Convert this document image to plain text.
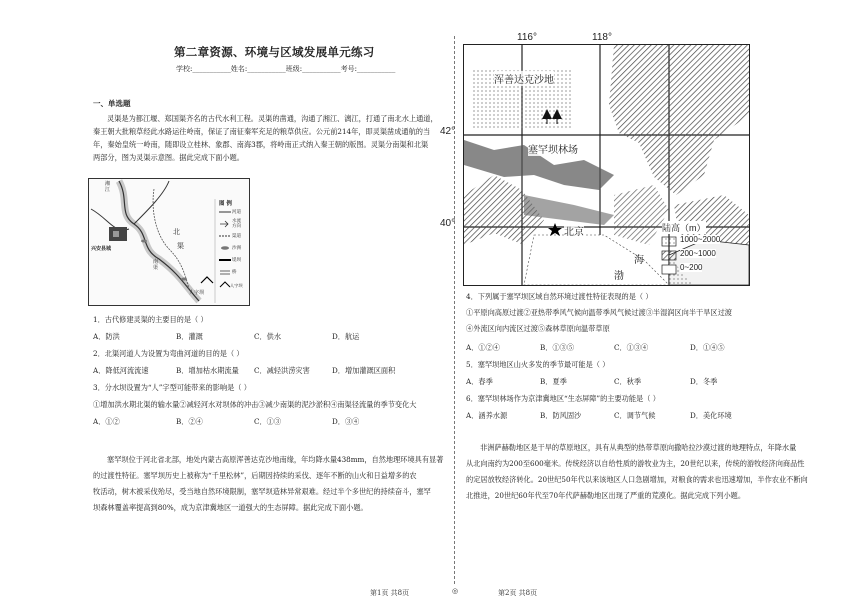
第二章资源、环境与区域发展单元练习
学校:___________姓名:___________班级:___________考号:___________
一、单选题
灵渠是为都江堰、郑国渠齐名的古代水利工程。灵渠的凿通，沟通了湘江、漓江，打通了南北水上通道，
秦王朝大批粮草经此水路运往岭南，保证了南征秦军充足的粮草供应。公元前214年，即灵渠凿成通航的当
年，秦始皇统一岭南，随即设立桂林、象郡、南海3郡，将岭南正式纳入秦王朝的版图。灵渠分南渠和北渠
两部分，图为灵渠示意图。据此完成下面小题。
湘江
北
渠
南渠
兴安县城
人字坝
图 例
河道
水流方向
渠道
沙洲
堤坝
桥
人字坝
1．古代修建灵渠的主要目的是（ ）
A．防洪	B．灌溉	C．供水	D．航运
2．北渠河道人为设置为弯曲河道的目的是（ ）
A．降低河流流速	B．增加枯水期流量 C．减轻洪涝灾害	D．增加灌溉区面积
3．分水坝设置为“人”字型可能带来的影响是（ ）
①增加洪水期北渠的输水量②减轻河水对坝体的冲击③减少南渠的泥沙淤积④南渠径流量的季节变化大
A．①②	B．②④	C．①③	D．③④
塞罕坝位于河北省北部，地处内蒙古高原浑善达克沙地南缘，年均降水量438mm，自然地理环境具有显著
的过渡性特征。塞罕坝历史上被称为“千里松林”，后期因持续的采伐、逐年不断的山火和日益增多的农
牧活动，树木被采伐殆尽，受当地自然环境限制，塞罕坝造林异常艰难。经过半个多世纪的持续奋斗，塞罕
坝森林覆盖率提高到80%，成为京津冀地区一道强大的生态屏障。据此完成下面小题。
116°	118°
42°
40°
浑善达克沙地
塞罕坝林场
北京
海
渤
陆高（m）
1000~2000
200~1000
0~200
4．下列属于塞罕坝区域自然环境过渡性特征表现的是（ ）
①平原向高原过渡②亚热带季风气候向温带季风气候过渡③半湿润区向半干旱区过渡
④外流区向内流区过渡⑤森林草原向温带草原
A．①②④	B．①③⑤	C．①③④	D．①④⑤
5．塞罕坝地区山火多发的季节最可能是（ ）
A．春季	B．夏季	C．秋季	D．冬季
6．塞罕坝林场作为京津冀地区“生态屏障”的主要功能是（ ）
A．涵养水源	B．防风固沙	C．调节气候	D．美化环境
非洲萨赫勒地区是干旱的草原地区，具有从典型的热带草原向撒哈拉沙漠过渡的地理特点，年降水量
从北向南约为200至600毫米。传统经济以自给性质的游牧业为主，20世纪以来，传统的游牧经济向商品性
的定居放牧经济转化。20世纪50年代以来该地区人口急剧增加，对粮食的需求也迅速增加，半作农业不断向
北推进，20世纪60年代至70年代萨赫勒地区出现了严重的荒漠化。据此完成下列小题。
第1页 共8页	◎	第2页 共8页
